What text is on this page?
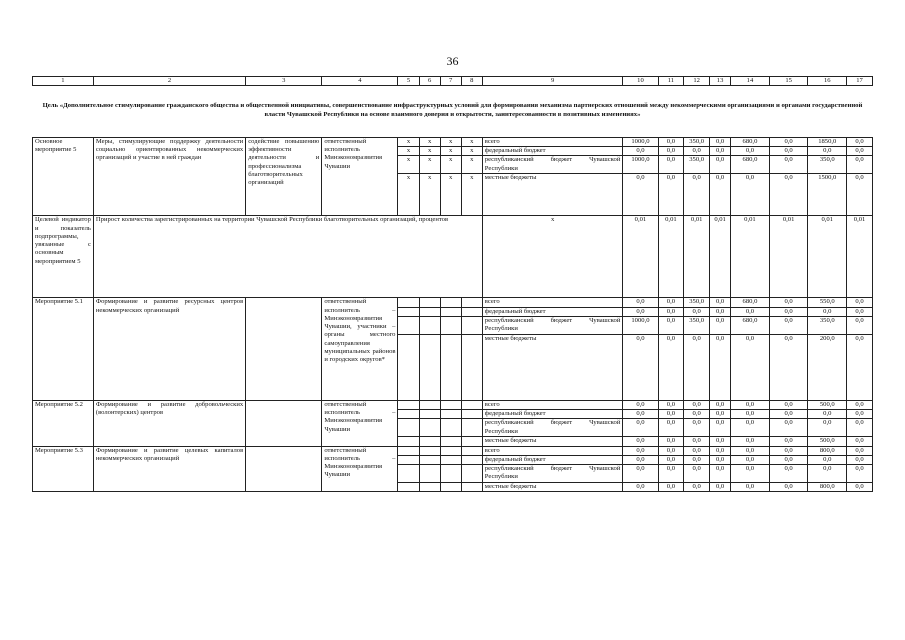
36
1	2	3	4	5	6	7	8	9	10	11	12	13	14	15	16	17
Цель «Дополнительное стимулирование гражданского общества и общественной инициативы, совершенствование инфраструктурных условий для формирования механизма партнерских отношений между некоммерческими организациями и органами государственной власти Чувашской Республики на основе взаимного доверия и открытости, заинтересованности в позитивных изменениях»
Основное мероприятие 5	Меры, стимулирующие поддержку деятельности социально ориентированных некоммерческих организаций и участие в ней граждан	содействие повышению эффективности деятельности и профессионализма благотворительных организаций	ответственный исполнитель Минэкономразвития Чувашии	x	x	x	x	всего	1000,0	0,0	350,0	0,0	680,0	0,0	1850,0	0,0
				x	x	x	x	федеральный бюджет	0,0	0,0	0,0	0,0	0,0	0,0	0,0	0,0
				x	x	x	x	республиканский бюджет Чувашской Республики	1000,0	0,0	350,0	0,0	680,0	0,0	350,0	0,0
				x	x	x	x	местные бюджеты	0,0	0,0	0,0	0,0	0,0	0,0	1500,0	0,0
Целевой индикатор и показатель подпрограммы, увязанные с основным мероприятием 5	Прирост количества зарегистрированных на территории Чувашской Республики благотворительных организаций, процентов							x	0,01	0,01	0,01	0,01	0,01	0,01	0,01	0,01
Мероприятие 5.1	Формирование и развитие ресурсных центров некоммерческих организаций		ответственный исполнитель – Минэкономразвития Чувашии, участники – органы местного самоуправления муниципальных районов и городских округов*					всего	0,0	0,0	350,0	0,0	680,0	0,0	550,0	0,0
								федеральный бюджет	0,0	0,0	0,0	0,0	0,0	0,0	0,0	0,0
								республиканский бюджет Чувашской Республики	1000,0	0,0	350,0	0,0	680,0	0,0	350,0	0,0
								местные бюджеты	0,0	0,0	0,0	0,0	0,0	0,0	200,0	0,0
Мероприятие 5.2	Формирование и развитие добровольческих (волонтерских) центров		ответственный исполнитель – Минэкономразвития Чувашии					всего	0,0	0,0	0,0	0,0	0,0	0,0	500,0	0,0
								федеральный бюджет	0,0	0,0	0,0	0,0	0,0	0,0	0,0	0,0
								республиканский бюджет Чувашской Республики	0,0	0,0	0,0	0,0	0,0	0,0	0,0	0,0
								местные бюджеты	0,0	0,0	0,0	0,0	0,0	0,0	500,0	0,0
Мероприятие 5.3	Формирование и развитие целевых капиталов некоммерческих организаций		ответственный исполнитель – Минэкономразвития Чувашии					всего	0,0	0,0	0,0	0,0	0,0	0,0	800,0	0,0
								федеральный бюджет	0,0	0,0	0,0	0,0	0,0	0,0	0,0	0,0
								республиканский бюджет Чувашской Республики	0,0	0,0	0,0	0,0	0,0	0,0	0,0	0,0
								местные бюджеты	0,0	0,0	0,0	0,0	0,0	0,0	800,0	0,0
